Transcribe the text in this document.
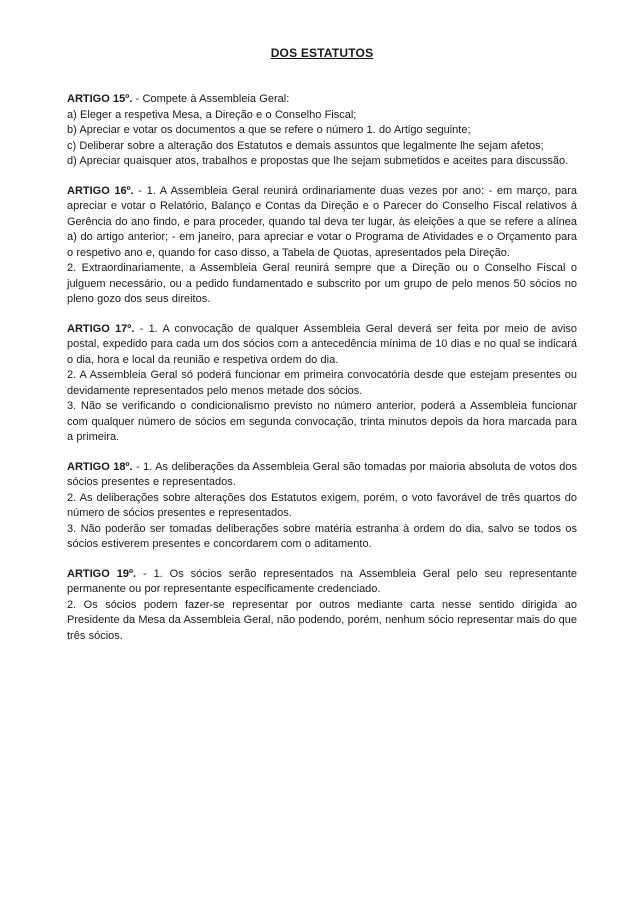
DOS ESTATUTOS

ARTIGO 15º. - Compete à Assembleia Geral:

a) Eleger a respetiva Mesa, a Direção e o Conselho Fiscal;

b) Apreciar e votar os documentos a que se refere o número 1. do Artigo seguinte;

c) Deliberar sobre a alteração dos Estatutos e demais assuntos que legalmente lhe sejam afetos;

d) Apreciar quaisquer atos, trabalhos e propostas que lhe sejam submetidos e aceites para discussão.

ARTIGO 16º. - 1. A Assembleia Geral reunirá ordinariamente duas vezes por ano: - em março, para apreciar e votar o Relatório, Balanço e Contas da Direção e o Parecer do Conselho Fiscal relativos à Gerência do ano findo, e para proceder, quando tal deva ter lugar, às eleições a que se refere a alínea a) do artigo anterior; - em janeiro, para apreciar e votar o Programa de Atividades e o Orçamento para o respetivo ano e, quando for caso disso, a Tabela de Quotas, apresentados pela Direção.

2. Extraordinariamente, a Assembleia Geral reunirá sempre que a Direção ou o Conselho Fiscal o julguem necessário, ou a pedido fundamentado e subscrito por um grupo de pelo menos 50 sócios no pleno gozo dos seus direitos.

ARTIGO 17º. - 1. A convocação de qualquer Assembleia Geral deverá ser feita por meio de aviso postal, expedido para cada um dos sócios com a antecedência mínima de 10 dias e no qual se indicará o dia, hora e local da reunião e respetiva ordem do dia.

2. A Assembleia Geral só poderá funcionar em primeira convocatória desde que estejam presentes ou devidamente representados pelo menos metade dos sócios.

3. Não se verificando o condicionalismo previsto no número anterior, poderá a Assembleia funcionar com qualquer número de sócios em segunda convocação, trinta minutos depois da hora marcada para a primeira.

ARTIGO 18º. - 1. As deliberações da Assembleia Geral são tomadas por maioria absoluta de votos dos sócios presentes e representados.

2. As deliberações sobre alterações dos Estatutos exigem, porém, o voto favorável de três quartos do número de sócios presentes e representados.

3. Não poderão ser tomadas deliberações sobre matéria estranha à ordem do dia, salvo se todos os sócios estiverem presentes e concordarem com o aditamento.

ARTIGO 19º. - 1. Os sócios serão representados na Assembleia Geral pelo seu representante permanente ou por representante especificamente credenciado.

2. Os sócios podem fazer-se representar por outros mediante carta nesse sentido dirigida ao Presidente da Mesa da Assembleia Geral, não podendo, porém, nenhum sócio representar mais do que três sócios.
